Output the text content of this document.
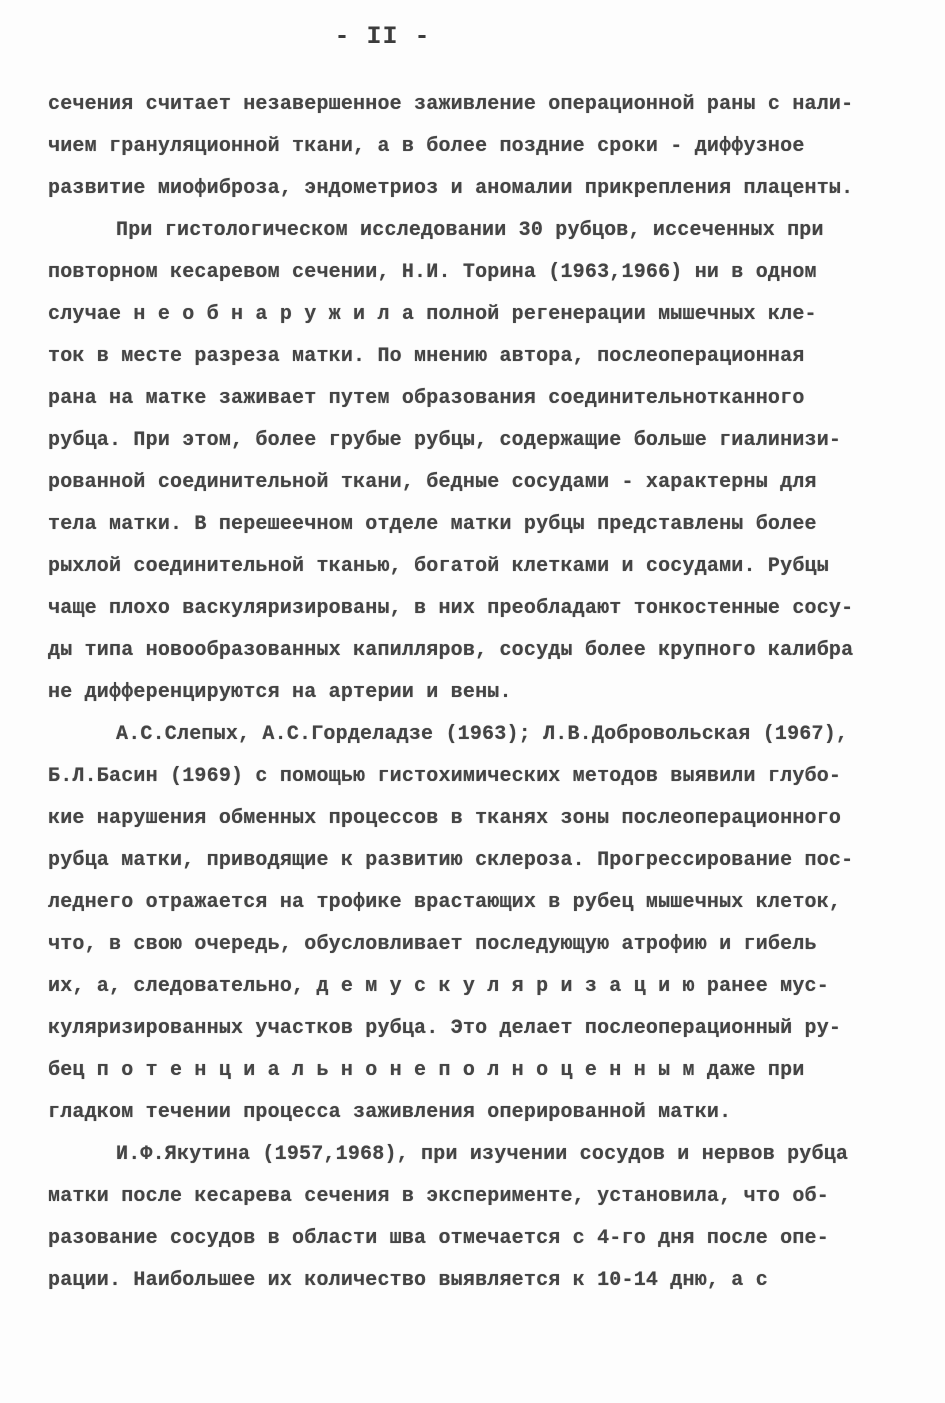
- II -
сечения считает незавершенное заживление операционной раны с нали-
чием грануляционной ткани, а в более поздние сроки - диффузное
развитие миофиброза, эндометриоз и аномалии прикрепления плаценты.
При гистологическом исследовании 30 рубцов, иссеченных при
повторном кесаревом сечении, Н.И. Торина (1963,1966) ни в одном
случае н е о б н а р у ж и л а полной регенерации мышечных кле-
ток в месте разреза матки. По мнению автора, послеоперационная
рана на матке заживает путем образования соединительнотканного
рубца. При этом, более грубые рубцы, содержащие больше гиалинизи-
рованной соединительной ткани, бедные сосудами - характерны для
тела матки. В перешеечном отделе матки рубцы представлены более
рыхлой соединительной тканью, богатой клетками и сосудами. Рубцы
чаще плохо васкуляризированы, в них преобладают тонкостенные сосу-
ды типа новообразованных капилляров, сосуды более крупного калибра
не дифференцируются на артерии и вены.
А.С.Слепых, А.С.Горделадзе (1963); Л.В.Добровольская (1967),
Б.Л.Басин (1969) с помощью гистохимических методов выявили глубо-
кие нарушения обменных процессов в тканях зоны послеоперационного
рубца матки, приводящие к развитию склероза. Прогрессирование пос-
леднего отражается на трофике врастающих в рубец мышечных клеток,
что, в свою очередь, обусловливает последующую атрофию и гибель
их, а, следовательно, д е м у с к у л я р и з а ц и ю ранее мус-
куляризированных участков рубца. Это делает послеоперационный ру-
бец п о т е н ц и а л ь н о н е п о л н о ц е н н ы м даже при
гладком течении процесса заживления оперированной матки.
И.Ф.Якутина (1957,1968), при изучении сосудов и нервов рубца
матки после кесарева сечения в эксперименте, установила, что об-
разование сосудов в области шва отмечается с 4-го дня после опе-
рации. Наибольшее их количество выявляется к 10-14 дню, а с
